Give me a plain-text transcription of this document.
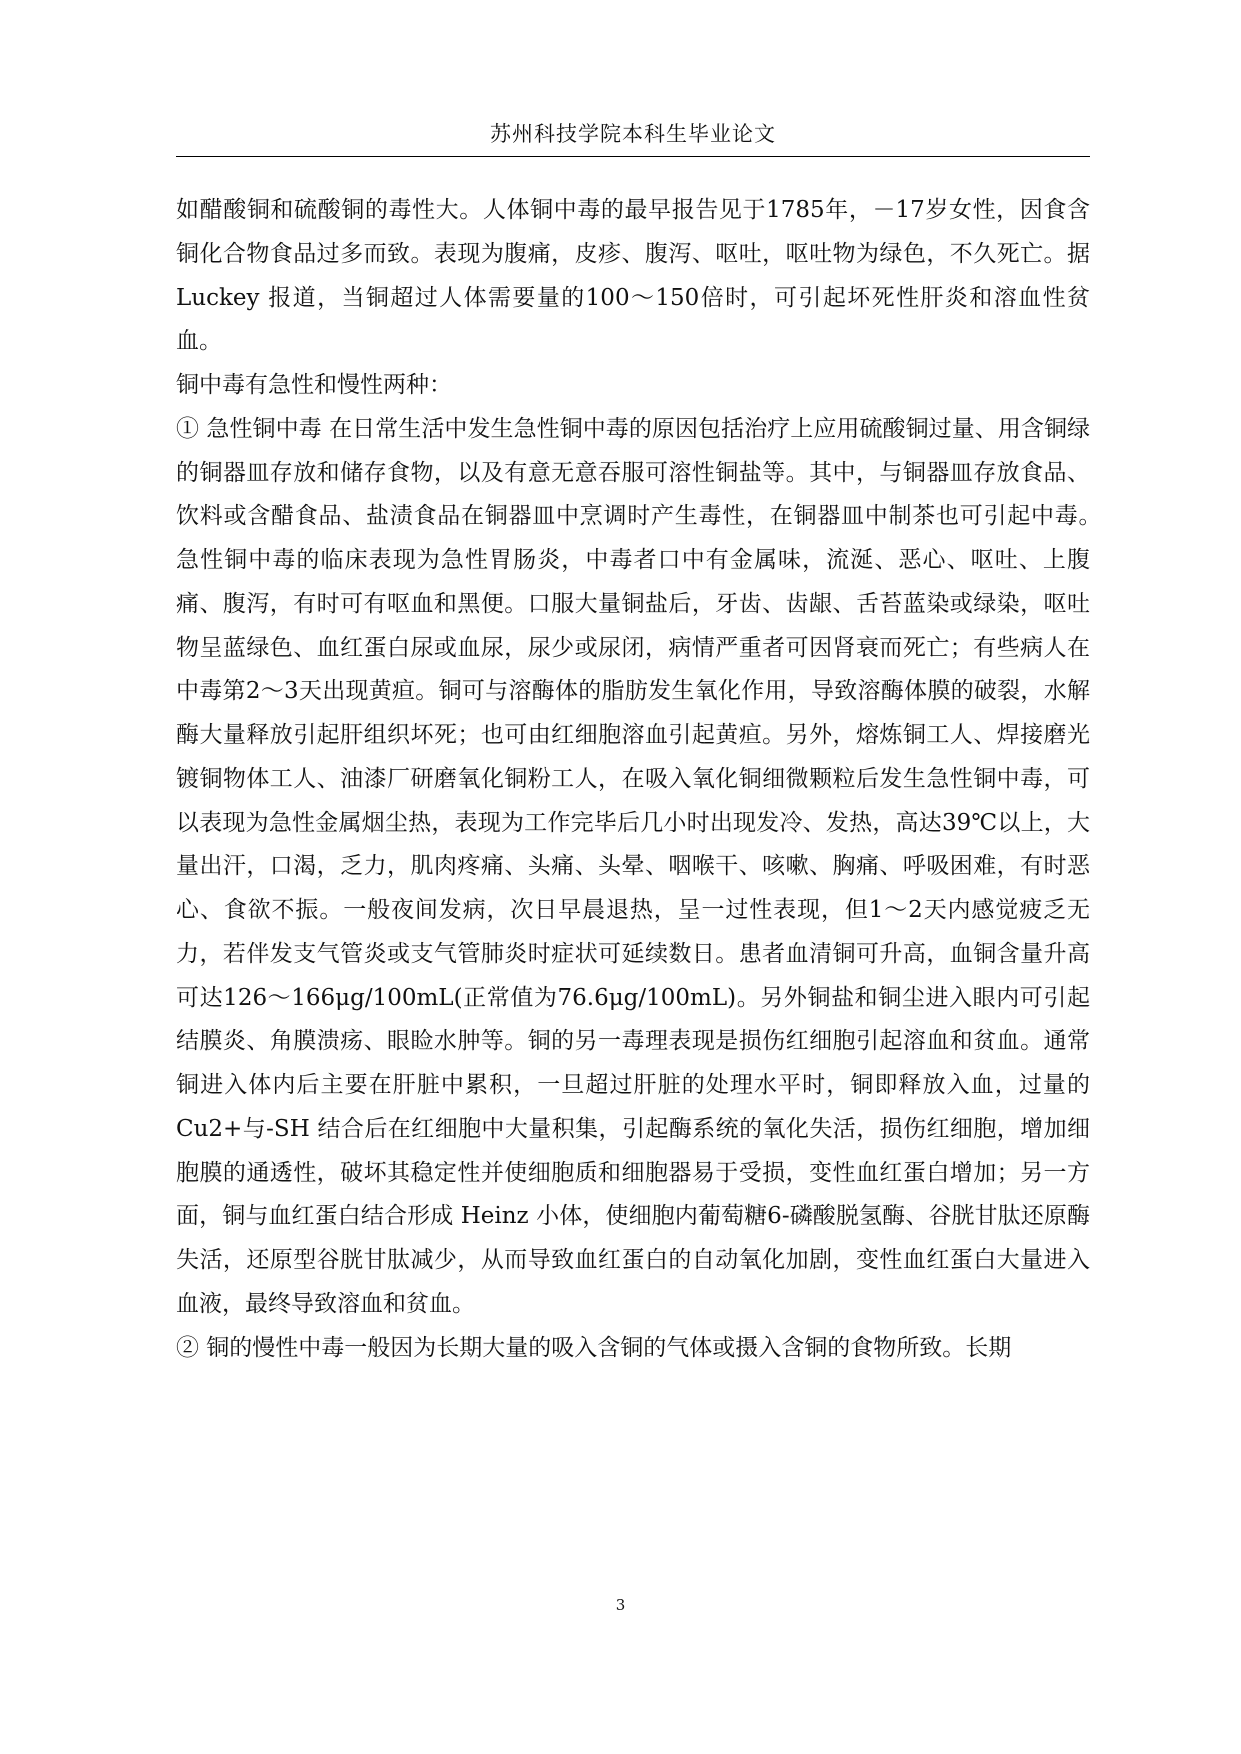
苏州科技学院本科生毕业论文

如醋酸铜和硫酸铜的毒性大。人体铜中毒的最早报告见于1785年，－17岁女性，因食含铜化合物食品过多而致。表现为腹痛，皮疹、腹泻、呕吐，呕吐物为绿色，不久死亡。据 Luckey 报道，当铜超过人体需要量的100～150倍时，可引起坏死性肝炎和溶血性贫血。

铜中毒有急性和慢性两种：

① 急性铜中毒 在日常生活中发生急性铜中毒的原因包括治疗上应用硫酸铜过量、用含铜绿的铜器皿存放和储存食物，以及有意无意吞服可溶性铜盐等。其中，与铜器皿存放食品、饮料或含醋食品、盐渍食品在铜器皿中烹调时产生毒性，在铜器皿中制茶也可引起中毒。　　急性铜中毒的临床表现为急性胃肠炎，中毒者口中有金属味，流涎、恶心、呕吐、上腹痛、腹泻，有时可有呕血和黑便。口服大量铜盐后，牙齿、齿龈、舌苔蓝染或绿染，呕吐物呈蓝绿色、血红蛋白尿或血尿，尿少或尿闭，病情严重者可因肾衰而死亡；有些病人在中毒第2～3天出现黄疸。铜可与溶酶体的脂肪发生氧化作用，导致溶酶体膜的破裂，水解酶大量释放引起肝组织坏死；也可由红细胞溶血引起黄疸。另外，熔炼铜工人、焊接磨光镀铜物体工人、油漆厂研磨氧化铜粉工人，在吸入氧化铜细微颗粒后发生急性铜中毒，可以表现为急性金属烟尘热，表现为工作完毕后几小时出现发冷、发热，高达39℃以上，大量出汗，口渴，乏力，肌肉疼痛、头痛、头晕、咽喉干、咳嗽、胸痛、呼吸困难，有时恶心、食欲不振。一般夜间发病，次日早晨退热，呈一过性表现，但1～2天内感觉疲乏无力，若伴发支气管炎或支气管肺炎时症状可延续数日。患者血清铜可升高，血铜含量升高可达126～166μg/100mL(正常值为76.6μg/100mL)。另外铜盐和铜尘进入眼内可引起结膜炎、角膜溃疡、眼睑水肿等。铜的另一毒理表现是损伤红细胞引起溶血和贫血。通常铜进入体内后主要在肝脏中累积，一旦超过肝脏的处理水平时，铜即释放入血，过量的 Cu2+与-SH 结合后在红细胞中大量积集，引起酶系统的氧化失活，损伤红细胞，增加细胞膜的通透性，破坏其稳定性并使细胞质和细胞器易于受损，变性血红蛋白增加；另一方面，铜与血红蛋白结合形成 Heinz 小体，使细胞内葡萄糖6-磷酸脱氢酶、谷胱甘肽还原酶失活，还原型谷胱甘肽减少，从而导致血红蛋白的自动氧化加剧，变性血红蛋白大量进入血液，最终导致溶血和贫血。

② 铜的慢性中毒一般因为长期大量的吸入含铜的气体或摄入含铜的食物所致。长期

3
